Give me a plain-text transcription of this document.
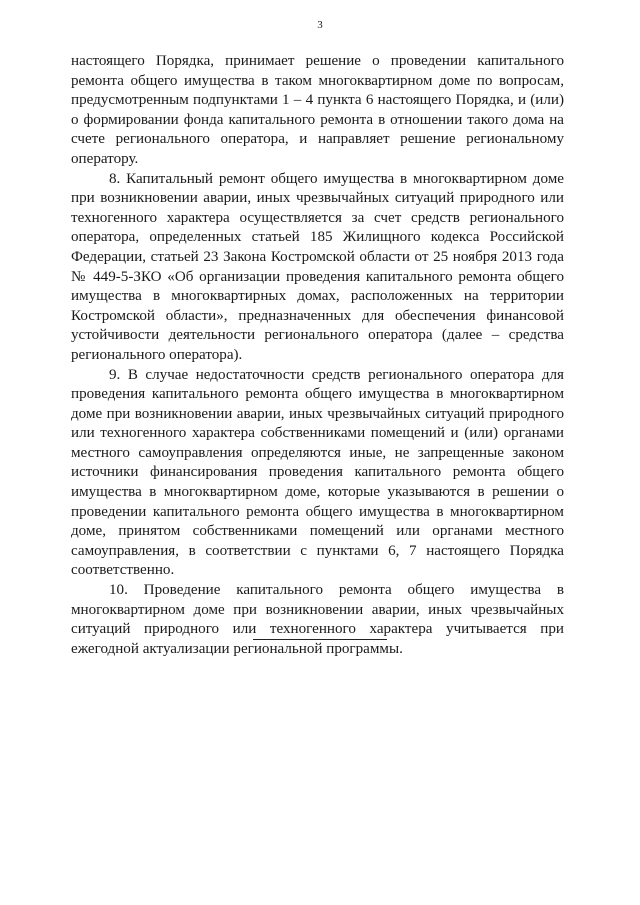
3

настоящего Порядка, принимает решение о проведении капитального ремонта общего имущества в таком многоквартирном доме по вопросам, предусмотренным подпунктами 1 – 4 пункта 6 настоящего Порядка, и (или) о формировании фонда капитального ремонта в отношении такого дома на счете регионального оператора, и направляет решение региональному оператору.

8. Капитальный ремонт общего имущества в многоквартирном доме при возникновении аварии, иных чрезвычайных ситуаций природного или техногенного характера осуществляется за счет средств регионального оператора, определенных статьей 185 Жилищного кодекса Российской Федерации, статьей 23 Закона Костромской области от 25 ноября 2013 года № 449-5-ЗКО «Об организации проведения капитального ремонта общего имущества в многоквартирных домах, расположенных на территории Костромской области», предназначенных для обеспечения финансовой устойчивости деятельности регионального оператора (далее – средства регионального оператора).

9. В случае недостаточности средств регионального оператора для проведения капитального ремонта общего имущества в многоквартирном доме при возникновении аварии, иных чрезвычайных ситуаций природного или техногенного характера собственниками помещений и (или) органами местного самоуправления определяются иные, не запрещенные законом источники финансирования проведения капитального ремонта общего имущества в многоквартирном доме, которые указываются в решении о проведении капитального ремонта общего имущества в многоквартирном доме, принятом собственниками помещений или органами местного самоуправления, в соответствии с пунктами 6, 7 настоящего Порядка соответственно.

10. Проведение капитального ремонта общего имущества в многоквартирном доме при возникновении аварии, иных чрезвычайных ситуаций природного или техногенного характера учитывается при ежегодной актуализации региональной программы.
